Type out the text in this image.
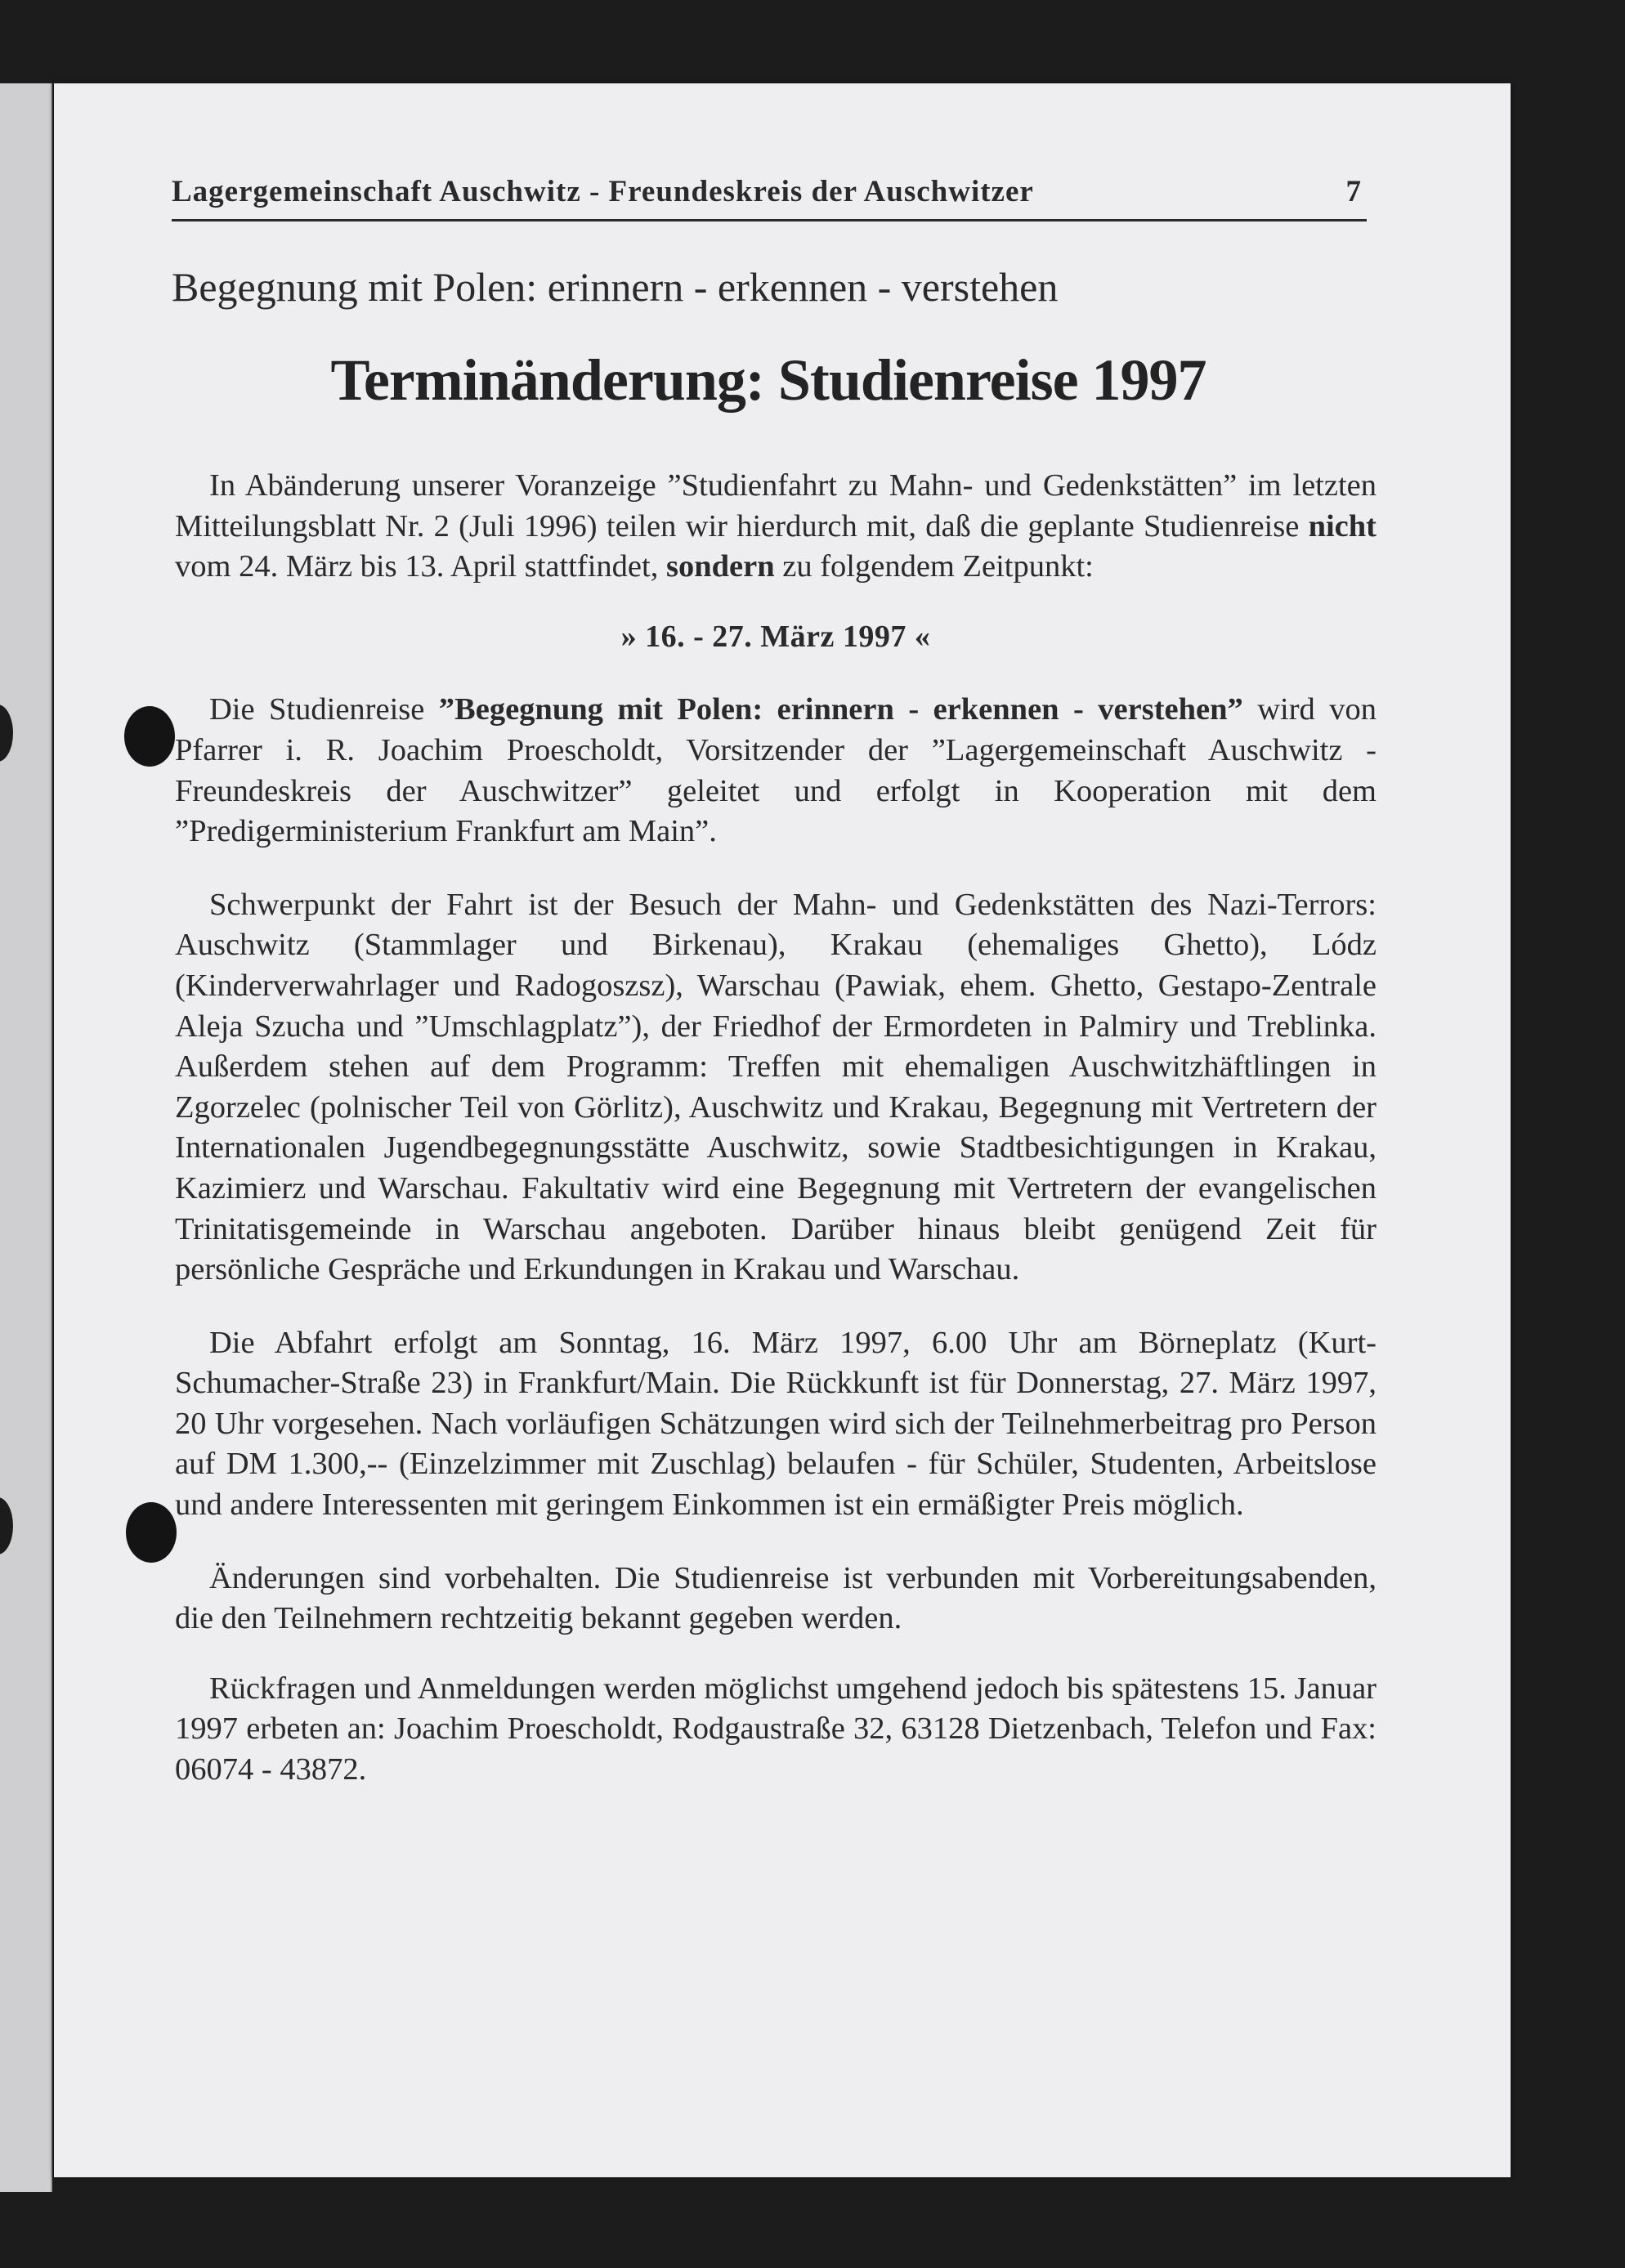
Lagergemeinschaft Auschwitz - Freundeskreis der Auschwitzer	7
Begegnung mit Polen: erinnern - erkennen - verstehen
Terminänderung: Studienreise 1997

In Abänderung unserer Voranzeige ”Studienfahrt zu Mahn- und Gedenkstätten” im letzten Mitteilungsblatt Nr. 2 (Juli 1996) teilen wir hierdurch mit, daß die geplante Studienreise nicht vom 24. März bis 13. April stattfindet, sondern zu folgendem Zeitpunkt:

» 16. - 27. März 1997 «

Die Studienreise ”Begegnung mit Polen: erinnern - erkennen - verstehen” wird von Pfarrer i. R. Joachim Proescholdt, Vorsitzender der ”Lagergemeinschaft Auschwitz - Freundeskreis der Auschwitzer” geleitet und erfolgt in Kooperation mit dem ”Predigerministerium Frankfurt am Main”.

Schwerpunkt der Fahrt ist der Besuch der Mahn- und Gedenkstätten des Nazi-Terrors: Auschwitz (Stammlager und Birkenau), Krakau (ehemaliges Ghetto), Lódz (Kinderverwahrlager und Radogoszsz), Warschau (Pawiak, ehem. Ghetto, Gestapo-Zentrale Aleja Szucha und ”Umschlagplatz”), der Friedhof der Ermordeten in Palmiry und Treblinka. Außerdem stehen auf dem Programm: Treffen mit ehemaligen Auschwitzhäftlingen in Zgorzelec (polnischer Teil von Görlitz), Auschwitz und Krakau, Begegnung mit Vertretern der Internationalen Jugendbegegnungsstätte Auschwitz, sowie Stadtbesichtigungen in Krakau, Kazimierz und Warschau. Fakultativ wird eine Begegnung mit Vertretern der evangelischen Trinitatisgemeinde in Warschau angeboten. Darüber hinaus bleibt genügend Zeit für persönliche Gespräche und Erkundungen in Krakau und Warschau.

Die Abfahrt erfolgt am Sonntag, 16. März 1997, 6.00 Uhr am Börneplatz (Kurt-Schumacher-Straße 23) in Frankfurt/Main. Die Rückkunft ist für Donnerstag, 27. März 1997, 20 Uhr vorgesehen. Nach vorläufigen Schätzungen wird sich der Teilnehmerbeitrag pro Person auf DM 1.300,-- (Einzelzimmer mit Zuschlag) belaufen - für Schüler, Studenten, Arbeitslose und andere Interessenten mit geringem Einkommen ist ein ermäßigter Preis möglich.

Änderungen sind vorbehalten. Die Studienreise ist verbunden mit Vorbereitungsabenden, die den Teilnehmern rechtzeitig bekannt gegeben werden.

Rückfragen und Anmeldungen werden möglichst umgehend jedoch bis spätestens 15. Januar 1997 erbeten an: Joachim Proescholdt, Rodgaustraße 32, 63128 Dietzenbach, Telefon und Fax: 06074 - 43872.
